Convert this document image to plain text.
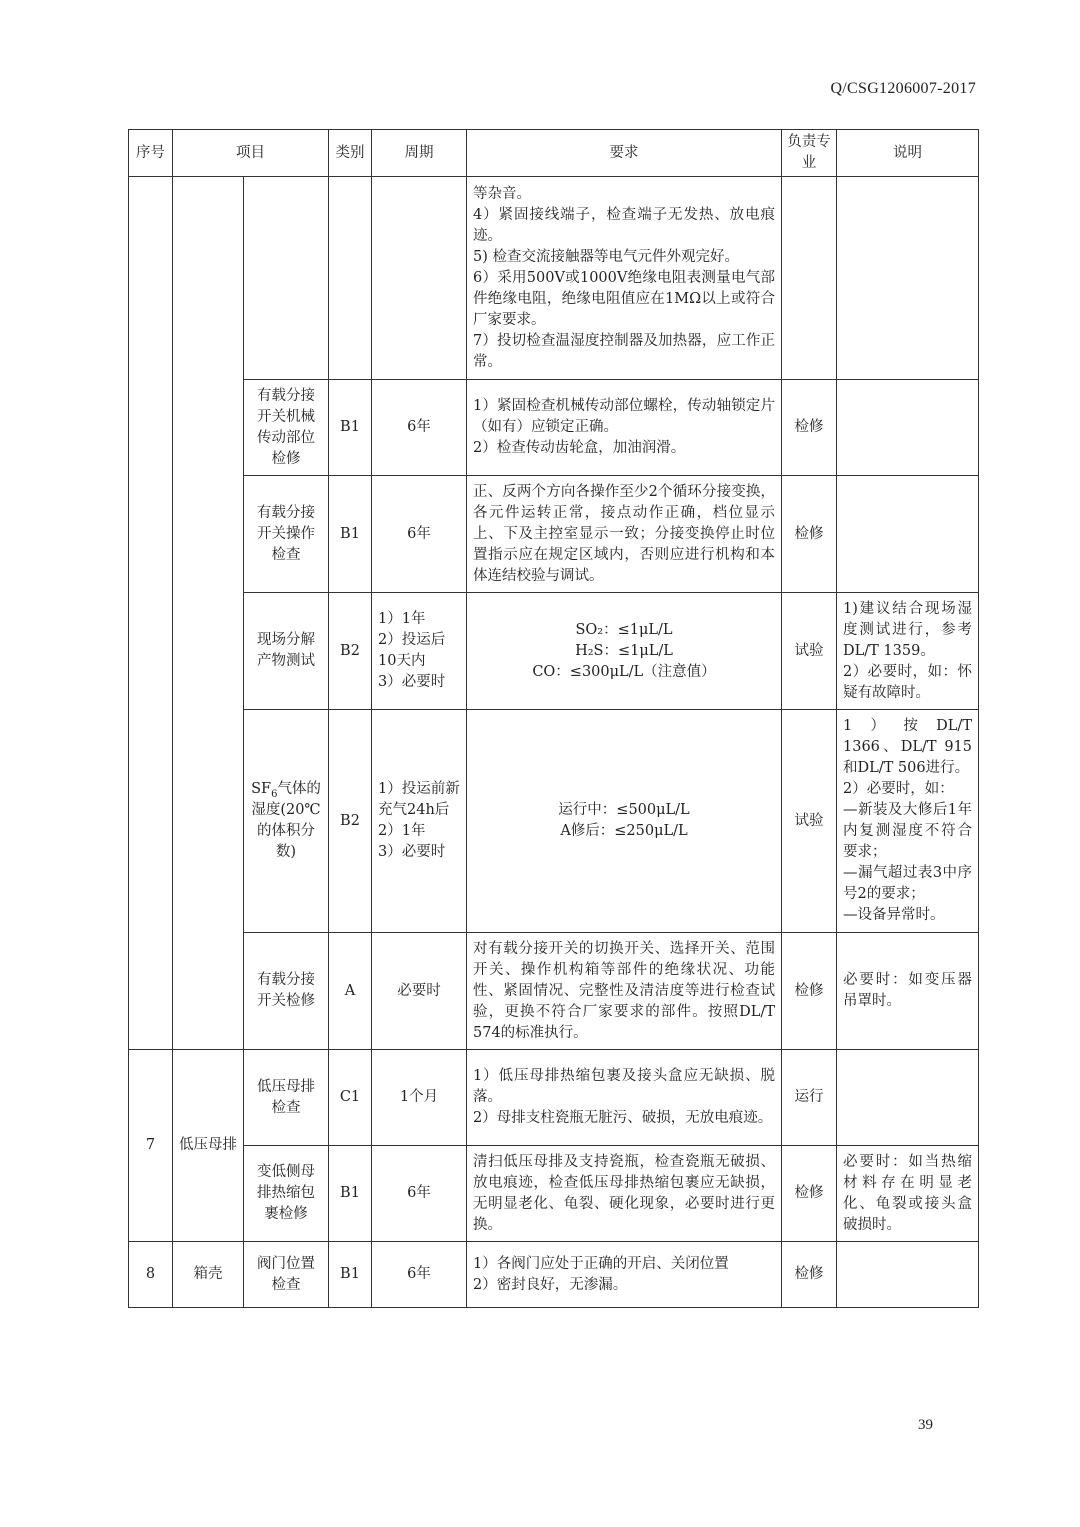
Q/CSG1206007-2017
序号	项目		类别	周期	要求	负责专业	说明

					等杂音。
4）紧固接线端子，检查端子无发热、放电痕迹。
5) 检查交流接触器等电气元件外观完好。
6）采用500V或1000V绝缘电阻表测量电气部件绝缘电阻，绝缘电阻值应在1MΩ以上或符合厂家要求。
7）投切检查温湿度控制器及加热器，应工作正常。		

		有载分接开关机械传动部位检修	B1	6年	1）紧固检查机械传动部位螺栓，传动轴锁定片（如有）应锁定正确。
2）检查传动齿轮盒，加油润滑。	检修	
		有载分接开关操作检查	B1	6年	正、反两个方向各操作至少2个循环分接变换，各元件运转正常，接点动作正确，档位显示上、下及主控室显示一致；分接变换停止时位置指示应在规定区域内，否则应进行机构和本体连结校验与调试。	检修	
		现场分解产物测试	B2	1）1年
2）投运后10天内
3）必要时	SO₂：≤1μL/L
H₂S：≤1μL/L
CO：≤300μL/L（注意值）	试验	1)建议结合现场湿度测试进行，参考DL/T 1359。
2）必要时，如：怀疑有故障时。

		$SF_6$气体的湿度(20℃的体积分数)	B2	1）投运前新充气24h后
2）1年
3）必要时	运行中：≤500μL/L
A修后：≤250μL/L	试验	1）按DL/T 1366、DL/T 915和DL/T 506进行。
2）必要时，如：
—新装及大修后1年内复测湿度不符合要求；
—漏气超过表3中序号2的要求；
—设备异常时。

		有载分接开关检修	A	必要时	对有载分接开关的切换开关、选择开关、范围开关、操作机构箱等部件的绝缘状况、功能性、紧固情况、完整性及清洁度等进行检查试验，更换不符合厂家要求的部件。按照DL/T 574的标准执行。	检修	必要时：如变压器吊罩时。

7	低压母排	低压母排检查	C1	1个月	1）低压母排热缩包裹及接头盒应无缺损、脱落。
2）母排支柱瓷瓶无脏污、破损，无放电痕迹。	运行	
		变低侧母排热缩包裹检修	B1	6年	清扫低压母排及支持瓷瓶，检查瓷瓶无破损、放电痕迹，检查低压母排热缩包裹应无缺损，无明显老化、龟裂、硬化现象，必要时进行更换。	检修	必要时：如当热缩材料存在明显老化、龟裂或接头盒破损时。

8	箱壳	阀门位置检查	B1	6年	1）各阀门应处于正确的开启、关闭位置
2）密封良好，无渗漏。	检修	
39
